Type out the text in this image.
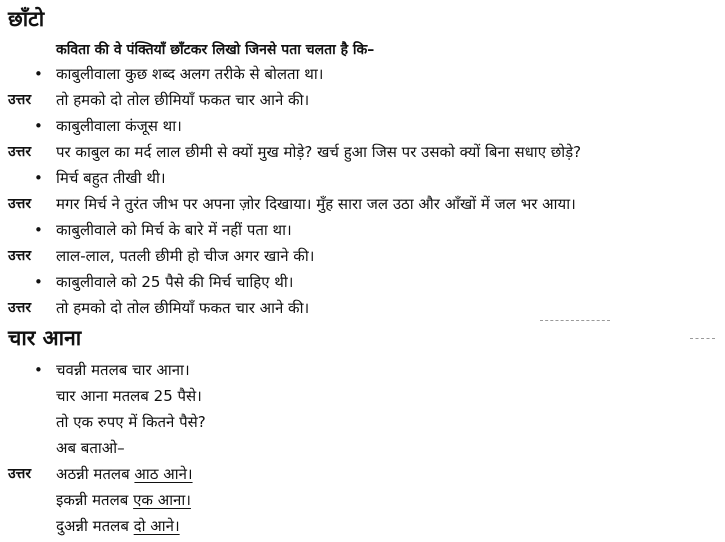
छाँटो
कविता की वे पंक्तियाँ छाँटकर लिखो जिनसे पता चलता है कि–
• काबुलीवाला कुछ शब्द अलग तरीके से बोलता था।
उत्तर तो हमको दो तोल छीमियाँ फकत चार आने की।
• काबुलीवाला कंजूस था।
उत्तर पर काबुल का मर्द लाल छीमी से क्यों मुख मोड़े? खर्च हुआ जिस पर उसको क्यों बिना सधाए छोड़े?
• मिर्च बहुत तीखी थी।
उत्तर मगर मिर्च ने तुरंत जीभ पर अपना ज़ोर दिखाया। मुँह सारा जल उठा और आँखों में जल भर आया।
• काबुलीवाले को मिर्च के बारे में नहीं पता था।
उत्तर लाल-लाल, पतली छीमी हो चीज अगर खाने की।
• काबुलीवाले को 25 पैसे की मिर्च चाहिए थी।
उत्तर तो हमको दो तोल छीमियाँ फकत चार आने की।
चार आना
• चवन्नी मतलब चार आना।
चार आना मतलब 25 पैसे।
तो एक रुपए में कितने पैसे?
अब बताओ–
उत्तर अठन्नी मतलब आठ आने।
इकन्नी मतलब एक आना।
दुअन्नी मतलब दो आने।
